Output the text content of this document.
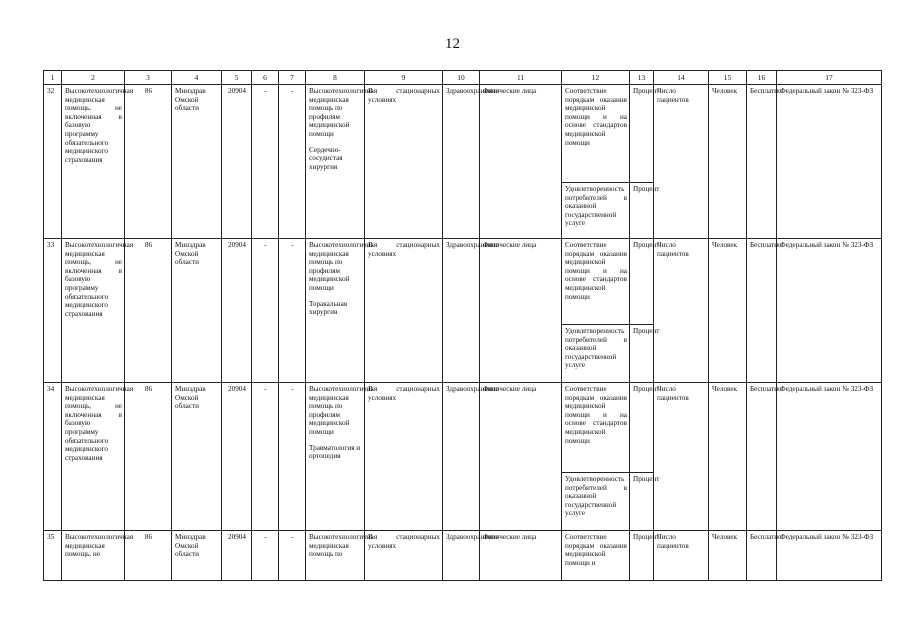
12
1	2	3	4	5	6	7	8	9	10	11	12	13	14	15	16	17
32	Высокотехнологичная медицинская помощь, не включенная в базовую программу обязательного медицинского страхования	86	Минздрав Омской области	20904	-	-	Высокотехнологичная медицинская помощь по профилям медицинской помощи
Сердечно-сосудистая хирургия	В стационарных условиях	Здравоохранение	Физические лица	Соответствие порядкам оказания медицинской помощи и на основе стандартов медицинской помощи	Процент	Число пациентов	Человек	Бесплатно	Федеральный закон № 323-ФЗ
											Удовлетворенность потребителей в оказанной государственной услуге	Процент				
33	Высокотехнологичная медицинская помощь, не включенная в базовую программу обязательного медицинского страхования	86	Минздрав Омской области	20904	-	-	Высокотехнологичная медицинская помощь по профилям медицинской помощи
Торакальная хирургия	В стационарных условиях	Здравоохранение	Физические лица	Соответствие порядкам оказания медицинской помощи и на основе стандартов медицинской помощи	Процент	Число пациентов	Человек	Бесплатно	Федеральный закон № 323-ФЗ
											Удовлетворенность потребителей в оказанной государственной услуге	Процент				
34	Высокотехнологичная медицинская помощь, не включенная в базовую программу обязательного медицинского страхования	86	Минздрав Омской области	20904	-	-	Высокотехнологичная медицинская помощь по профилям медицинской помощи
Травматология и ортопедия	В стационарных условиях	Здравоохранение	Физические лица	Соответствие порядкам оказания медицинской помощи и на основе стандартов медицинской помощи	Процент	Число пациентов	Человек	Бесплатно	Федеральный закон № 323-ФЗ
											Удовлетворенность потребителей в оказанной государственной услуге	Процент				
35	Высокотехнологичная медицинская помощь, не	86	Минздрав Омской области	20904	-	-	Высокотехнологичная медицинская помощь по	В стационарных условиях	Здравоохранение	Физические лица	Соответствие порядкам оказания медицинской помощи и	Процент	Число пациентов	Человек	Бесплатно	Федеральный закон № 323-ФЗ
